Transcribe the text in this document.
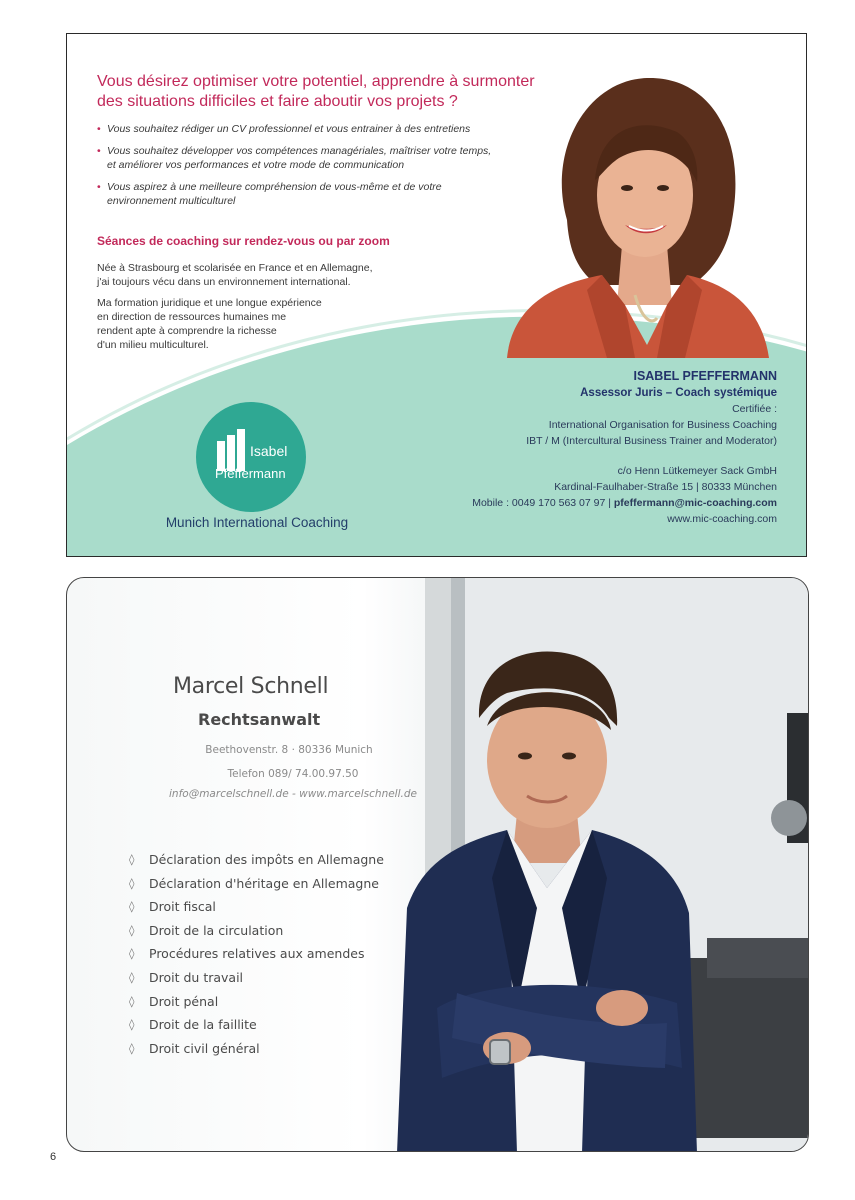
Vous désirez optimiser votre potentiel, apprendre à surmonter des situations difficiles et faire aboutir vos projets ?
• Vous souhaitez rédiger un CV professionnel et vous entrainer à des entretiens
• Vous souhaitez développer vos compétences managériales, maîtriser votre temps,
et améliorer vos performances et votre mode de communication
• Vous aspirez à une meilleure compréhension de vous-même et de votre
environnement multiculturel
Séances de coaching sur rendez-vous ou par zoom

Née à Strasbourg et scolarisée en France et en Allemagne,
j'ai toujours vécu dans un environnement international.

Ma formation juridique et une longue expérience
en direction de ressources humaines me
rendent apte à comprendre la richesse
d'un milieu multiculturel.

ISABEL PFEFFERMANN
Assessor Juris – Coach systémique
Certifiée :
International Organisation for Business Coaching
IBT / M (Intercultural Business Trainer and Moderator)
c/o Henn Lütkemeyer Sack GmbH
Kardinal-Faulhaber-Straße 15 | 80333 München
Mobile : 0049 170 563 07 97 | pfeffermann@mic-coaching.com
www.mic-coaching.com
Isabel
Pfeffermann

Munich International Coaching

Marcel Schnell
Rechtsanwalt

Beethovenstr. 8 · 80336 Munich

Telefon 089/ 74.00.97.50

info@marcelschnell.de - www.marcelschnell.de

◊ Déclaration des impôts en Allemagne
◊ Déclaration d'héritage en Allemagne
◊ Droit fiscal
◊ Droit de la circulation
◊ Procédures relatives aux amendes
◊ Droit du travail
◊ Droit pénal
◊ Droit de la faillite
◊ Droit civil général

6
